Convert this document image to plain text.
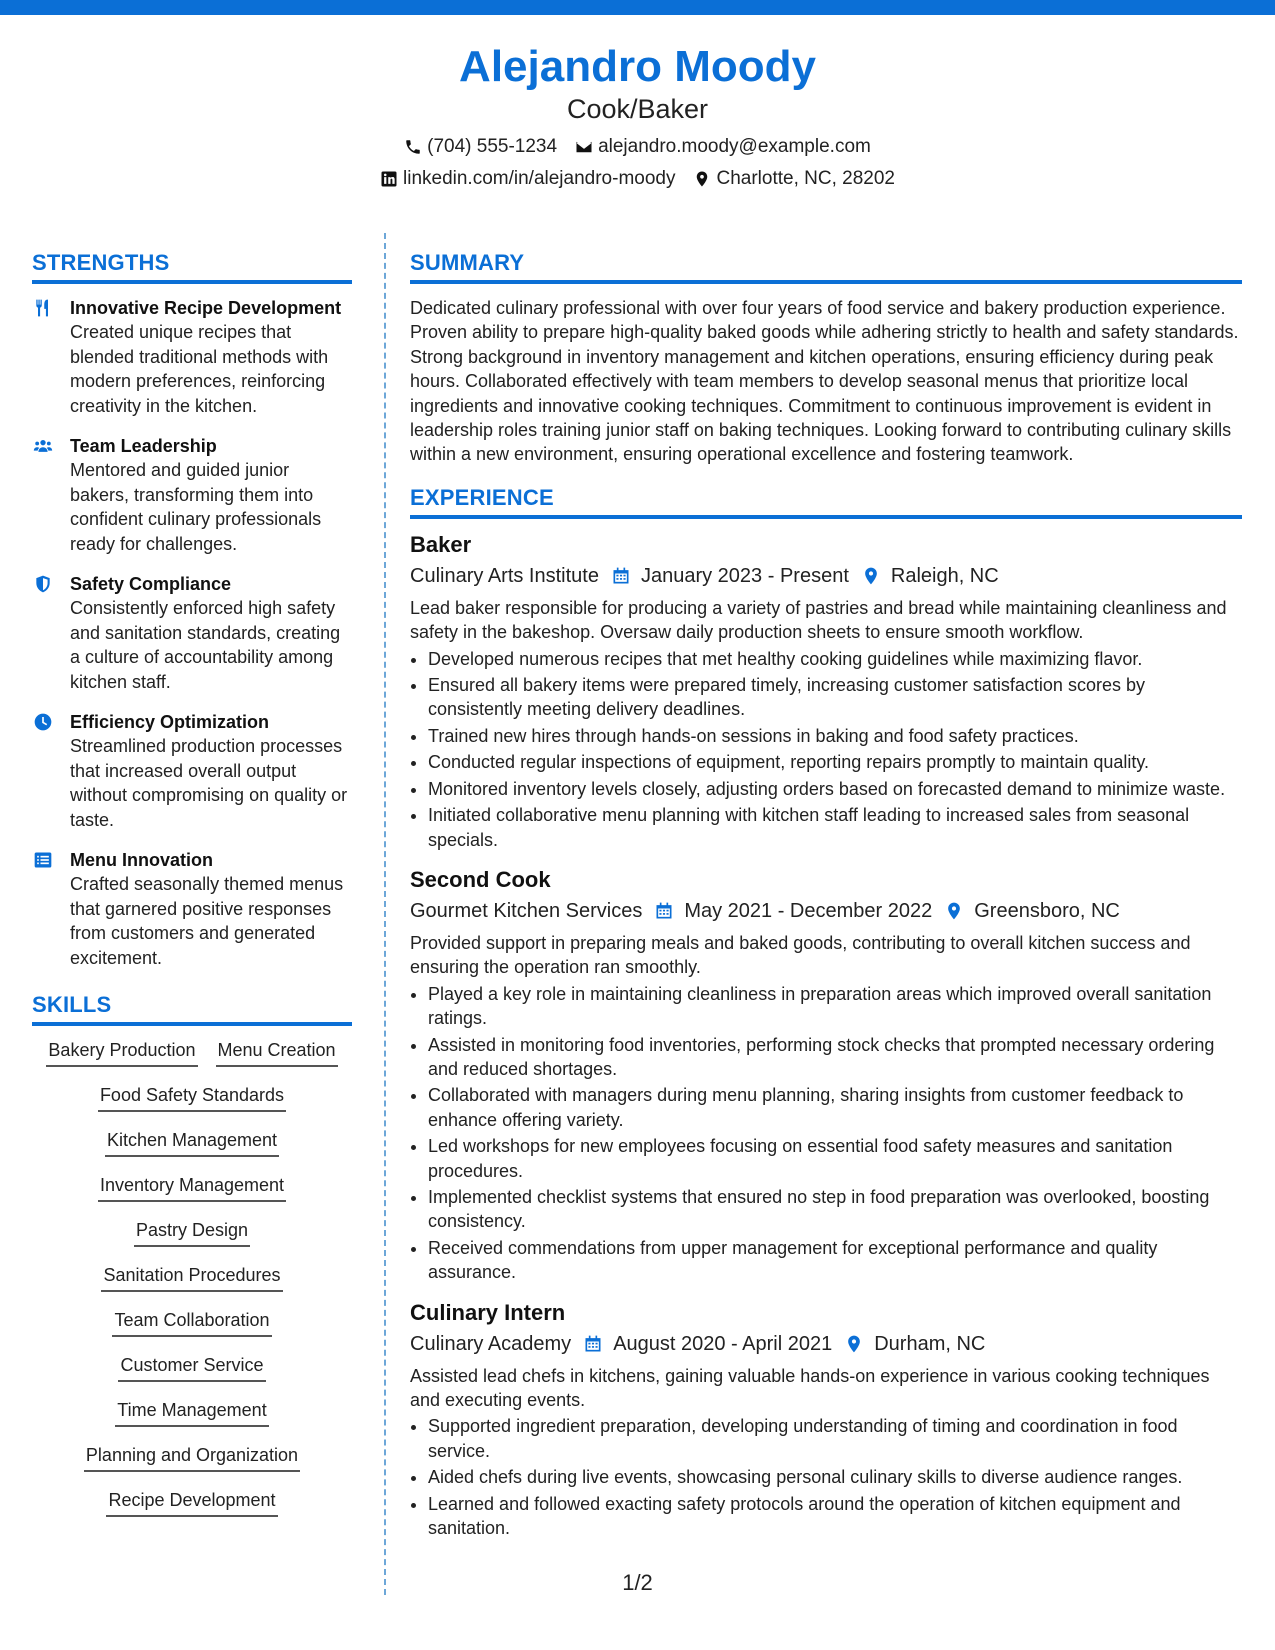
Alejandro Moody
Cook/Baker
(704) 555-1234 alejandro.moody@example.com
linkedin.com/in/alejandro-moody Charlotte, NC, 28202
STRENGTHS
Innovative Recipe Development
Created unique recipes that blended traditional methods with modern preferences, reinforcing creativity in the kitchen.
Team Leadership
Mentored and guided junior bakers, transforming them into confident culinary professionals ready for challenges.
Safety Compliance
Consistently enforced high safety and sanitation standards, creating a culture of accountability among kitchen staff.
Efficiency Optimization
Streamlined production processes that increased overall output without compromising on quality or taste.
Menu Innovation
Crafted seasonally themed menus that garnered positive responses from customers and generated excitement.
SKILLS
Bakery Production Menu Creation
Food Safety Standards
Kitchen Management
Inventory Management
Pastry Design
Sanitation Procedures
Team Collaboration
Customer Service
Time Management
Planning and Organization
Recipe Development
SUMMARY
Dedicated culinary professional with over four years of food service and bakery production experience. Proven ability to prepare high-quality baked goods while adhering strictly to health and safety standards. Strong background in inventory management and kitchen operations, ensuring efficiency during peak hours. Collaborated effectively with team members to develop seasonal menus that prioritize local ingredients and innovative cooking techniques. Commitment to continuous improvement is evident in leadership roles training junior staff on baking techniques. Looking forward to contributing culinary skills within a new environment, ensuring operational excellence and fostering teamwork.
EXPERIENCE
Baker
Culinary Arts Institute January 2023 - Present Raleigh, NC
Lead baker responsible for producing a variety of pastries and bread while maintaining cleanliness and safety in the bakeshop. Oversaw daily production sheets to ensure smooth workflow.
• Developed numerous recipes that met healthy cooking guidelines while maximizing flavor.
• Ensured all bakery items were prepared timely, increasing customer satisfaction scores by consistently meeting delivery deadlines.
• Trained new hires through hands-on sessions in baking and food safety practices.
• Conducted regular inspections of equipment, reporting repairs promptly to maintain quality.
• Monitored inventory levels closely, adjusting orders based on forecasted demand to minimize waste.
• Initiated collaborative menu planning with kitchen staff leading to increased sales from seasonal specials.
Second Cook
Gourmet Kitchen Services May 2021 - December 2022 Greensboro, NC
Provided support in preparing meals and baked goods, contributing to overall kitchen success and ensuring the operation ran smoothly.
• Played a key role in maintaining cleanliness in preparation areas which improved overall sanitation ratings.
• Assisted in monitoring food inventories, performing stock checks that prompted necessary ordering and reduced shortages.
• Collaborated with managers during menu planning, sharing insights from customer feedback to enhance offering variety.
• Led workshops for new employees focusing on essential food safety measures and sanitation procedures.
• Implemented checklist systems that ensured no step in food preparation was overlooked, boosting consistency.
• Received commendations from upper management for exceptional performance and quality assurance.
Culinary Intern
Culinary Academy August 2020 - April 2021 Durham, NC
Assisted lead chefs in kitchens, gaining valuable hands-on experience in various cooking techniques and executing events.
• Supported ingredient preparation, developing understanding of timing and coordination in food service.
• Aided chefs during live events, showcasing personal culinary skills to diverse audience ranges.
• Learned and followed exacting safety protocols around the operation of kitchen equipment and sanitation.
1/2
